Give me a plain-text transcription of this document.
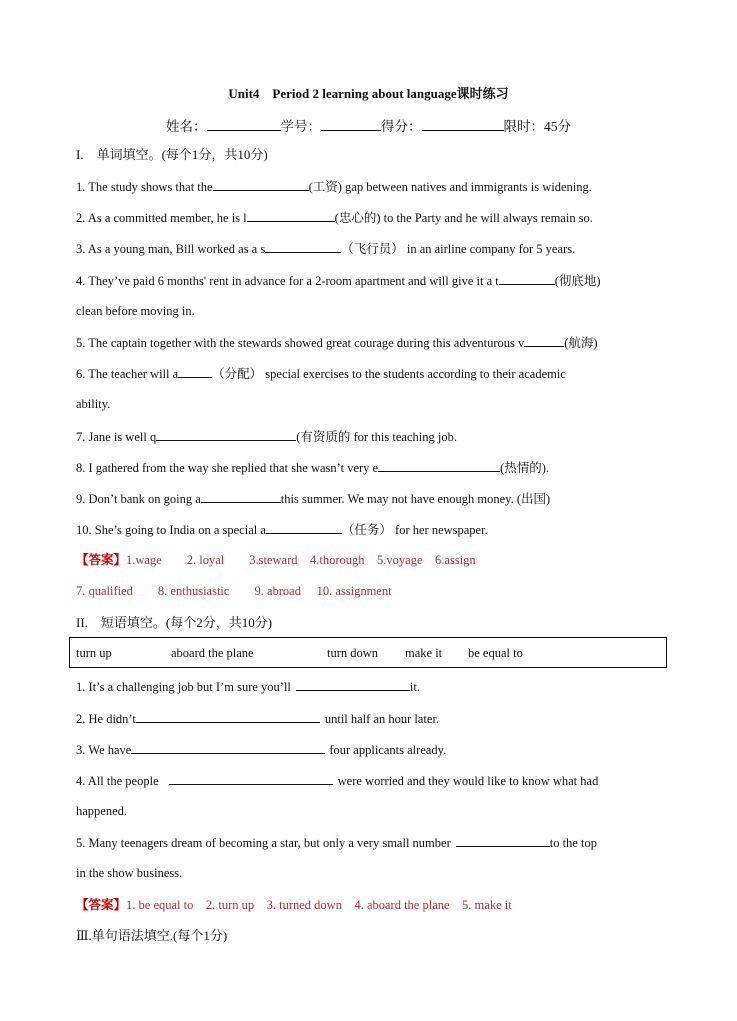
Unit4　Period 2 learning about language课时练习
姓名：	学号：	得分：	限时：45分
I.　单词填空。(每个1分，共10分)
1. The study shows that the	(工资) gap between natives and immigrants is widening.
2. As a committed member, he is l	(忠心的) to the Party and he will always remain so.
3. As a young man, Bill worked as a s	（飞行员） in an airline company for 5 years.
4. They’ve paid 6 months' rent in advance for a 2-room apartment and will give it a t	(彻底地)
clean before moving in.
5. The captain together with the stewards showed great courage during this adventurous v	(航海)
6. The teacher will a	（分配） special exercises to the students according to their academic
ability.
7. Jane is well q	(有资质的 for this teaching job.
8. I gathered from the way she replied that she wasn’t very e	(热情的).
9. Don’t bank on going a	this summer. We may not have enough money. (出国)
10. She’s going to India on a special a	（任务） for her newspaper.
【答案】1.wage　　2. loyal　　3.steward　4.thorough　5.voyage　6.assign
7. qualified　　8. enthusiastic　　9. abroad　 10. assignment
II.　短语填空。(每个2分，共10分)
turn up	aboard the plane	turn down make it be equal to
1. It’s a challenging job but I’m sure you’ll	it.
2. He didn’t	until half an hour later.
3. We have	four applicants already.
4. All the people	were worried and they would like to know what had
happened.
5. Many teenagers dream of becoming a star, but only a very small number	to the top
in the show business.
【答案】1. be equal to　2. turn up　3. turned down　4. aboard the plane　5. make it
Ⅲ.单句语法填空.(每个1分)
